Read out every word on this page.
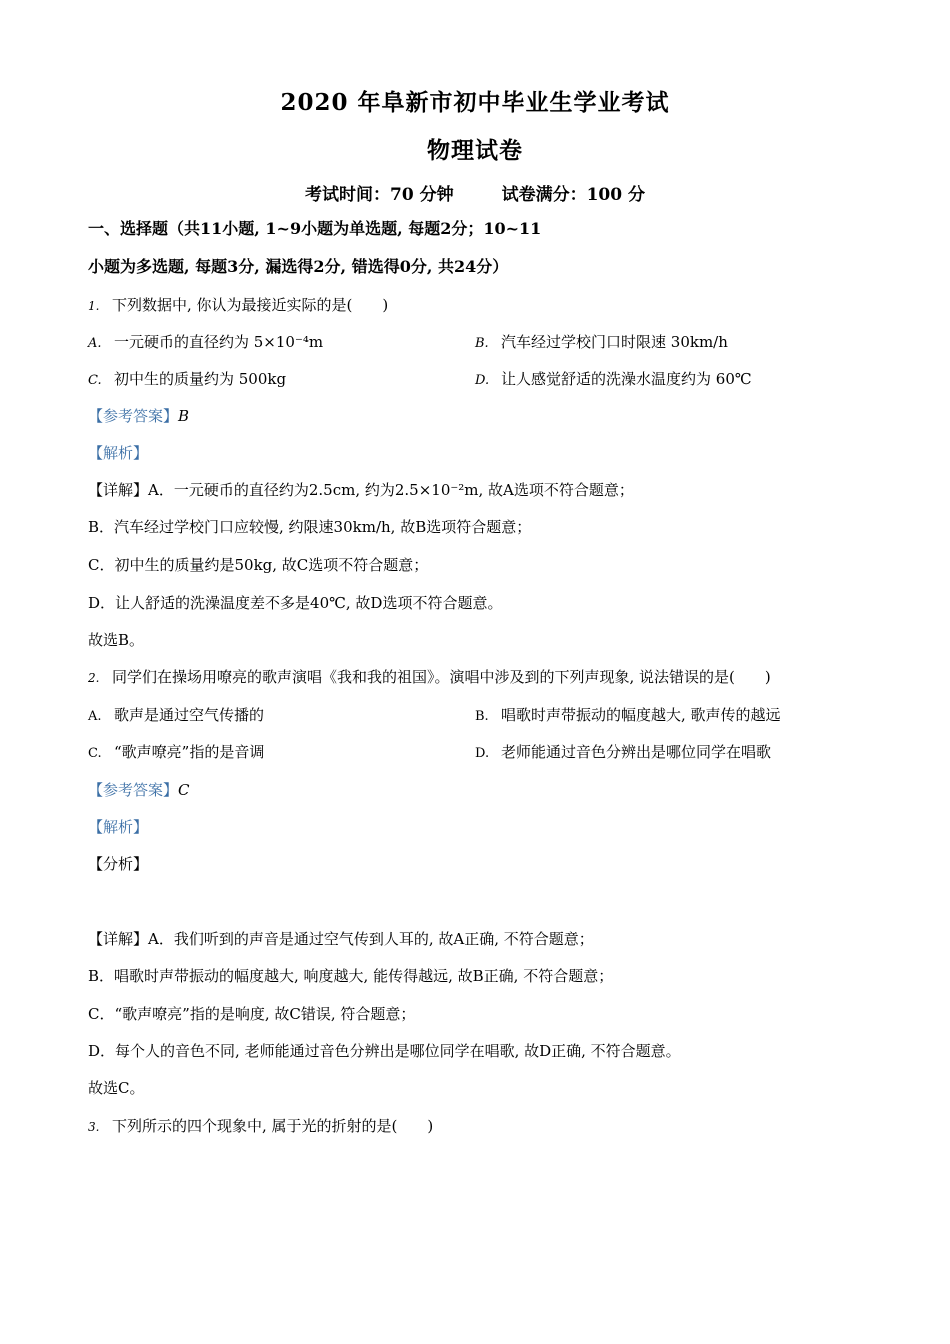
2020 年阜新市初中毕业生学业考试
物理试卷
考试时间：70 分钟	试卷满分：100 分
一、选择题（共11小题, 1~9小题为单选题, 每题2分；10~11
小题为多选题, 每题3分, 漏选得2分, 错选得0分, 共24分）
1. 下列数据中, 你认为最接近实际的是(　　)
A. 一元硬币的直径约为 5×10⁻⁴m	B. 汽车经过学校门口时限速 30km/h
C. 初中生的质量约为 500kg	D. 让人感觉舒适的洗澡水温度约为 60℃
【参考答案】B
【解析】
【详解】A．一元硬币的直径约为2.5cm, 约为2.5×10⁻²m, 故A选项不符合题意；
B．汽车经过学校门口应较慢, 约限速30km/h, 故B选项符合题意；
C．初中生的质量约是50kg, 故C选项不符合题意；
D．让人舒适的洗澡温度差不多是40℃, 故D选项不符合题意。
故选B。
2. 同学们在操场用嘹亮的歌声演唱《我和我的祖国》。演唱中涉及到的下列声现象, 说法错误的是(　　)
A. 歌声是通过空气传播的	B. 唱歌时声带振动的幅度越大, 歌声传的越远
C. “歌声嘹亮”指的是音调	D. 老师能通过音色分辨出是哪位同学在唱歌
【参考答案】C
【解析】
【分析】
【详解】A．我们听到的声音是通过空气传到人耳的, 故A正确, 不符合题意；
B．唱歌时声带振动的幅度越大, 响度越大, 能传得越远, 故B正确, 不符合题意；
C．“歌声嘹亮”指的是响度, 故C错误, 符合题意；
D．每个人的音色不同, 老师能通过音色分辨出是哪位同学在唱歌, 故D正确, 不符合题意。
故选C。
3. 下列所示的四个现象中, 属于光的折射的是(　　)
